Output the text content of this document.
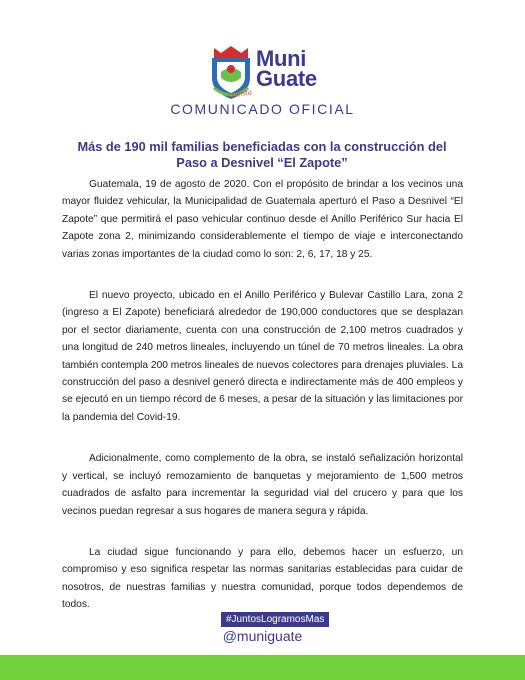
Muni
Guate
cuenta
COMUNICADO OFICIAL
Más de 190 mil familias beneficiadas con la construcción del
Paso a Desnivel “El Zapote”

Guatemala, 19 de agosto de 2020. Con el propósito de brindar a los vecinos una mayor fluidez vehicular, la Municipalidad de Guatemala aperturó el Paso a Desnivel “El Zapote” que permitirá el paso vehicular continuo desde el Anillo Periférico Sur hacia El Zapote zona 2, minimizando considerablemente el tiempo de viaje e interconectando varias zonas importantes de la ciudad como lo son: 2, 6, 17, 18 y 25.

El nuevo proyecto, ubicado en el Anillo Periférico y Bulevar Castillo Lara, zona 2 (ingreso a El Zapote) beneficiará alrededor de 190,000 conductores que se desplazan por el sector diariamente, cuenta con una construcción de 2,100 metros cuadrados y una longitud de 240 metros lineales, incluyendo un túnel de 70 metros lineales. La obra también contempla 200 metros lineales de nuevos colectores para drenajes pluviales. La construcción del paso a desnivel generó directa e indirectamente más de 400 empleos y se ejecutó en un tiempo récord de 6 meses, a pesar de la situación y las limitaciones por la pandemia del Covid-19.

Adicionalmente, como complemento de la obra, se instaló señalización horizontal y vertical, se incluyó remozamiento de banquetas y mejoramiento de 1,500 metros cuadrados de asfalto para incrementar la seguridad vial del crucero y para que los vecinos puedan regresar a sus hogares de manera segura y rápida.

La ciudad sigue funcionando y para ello, debemos hacer un esfuerzo, un compromiso y eso significa respetar las normas sanitarias establecidas para cuidar de nosotros, de nuestras familias y nuestra comunidad, porque todos dependemos de todos.

#JuntosLogramosMas
@muniguate
